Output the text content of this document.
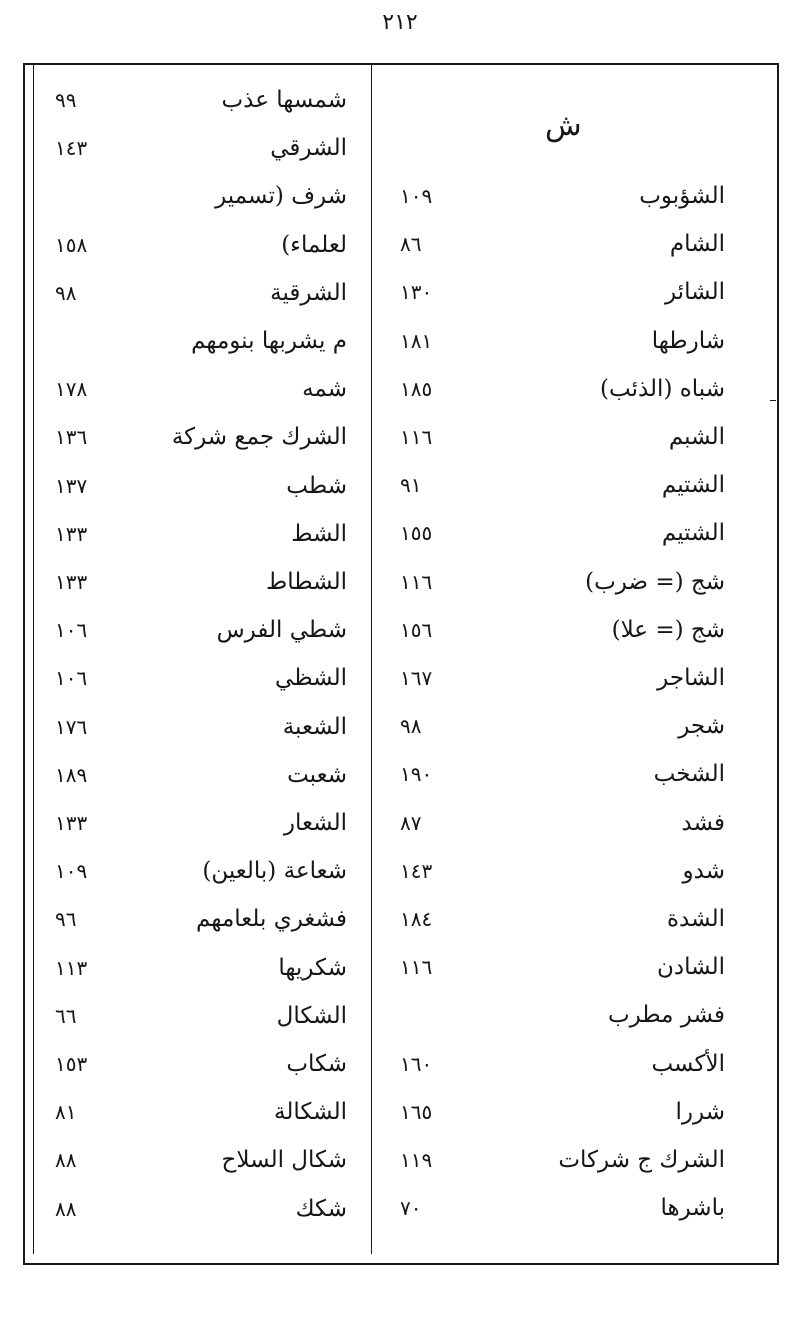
٢١٢
ش
٩٩	شمسها عذب
١٤٣	الشرقي
شرف (تسمير
١٥٨	لعلماء)
٩٨	الشرقية
م يشربها بنومهم
١٧٨	شمه
١٣٦	الشرك جمع شركة
١٣٧	شطب
١٣٣	الشط
١٣٣	الشطاط
١٠٦	شطي الفرس
١٠٦	الشظي
١٧٦	الشعبة
١٨٩	شعبت
١٣٣	الشعار
١٠٩	شعاعة (بالعين)
٩٦	فشغري بلعامهم
١١٣	شكريها
٦٦	الشكال
١٥٣	شكاب
٨١	الشكالة
٨٨	شكال السلاح
٨٨	شكك
١٠٩	الشؤبوب
٨٦	الشام
١٣٠	الشائر
١٨١	شارطها
١٨٥	شباه (الذئب)
١١٦	الشبم
٩١	الشتيم
١٥٥	الشتيم
١١٦	شج (= ضرب)
١٥٦	شج (= علا)
١٦٧	الشاجر
٩٨	شجر
١٩٠	الشخب
٨٧	فشد
١٤٣	شدو
١٨٤	الشدة
١١٦	الشادن
فشر مطرب
١٦٠	الأكسب
١٦٥	شررا
١١٩	الشرك ج شركات
٧٠	باشرها
